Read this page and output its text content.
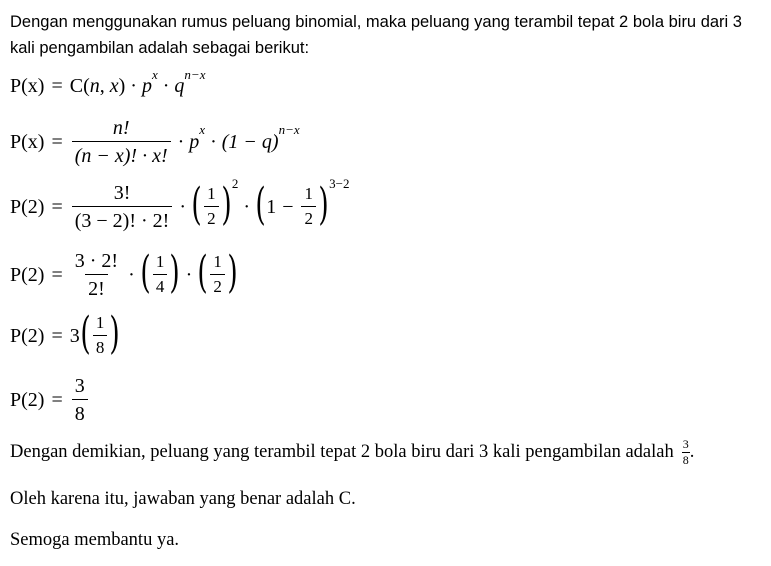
Dengan menggunakan rumus peluang binomial, maka peluang yang terambil tepat 2 bola biru dari 3 kali pengambilan adalah sebagai berikut:
P(x) = C( n , x ) · p
$^x$
· q
$^{n-x}$
$P(x) = \frac{n!}{(n - x)! \cdot x!} \cdot p$
$^x$
· (1 − q)
$^{n-x}$
$P(2) = \frac{3!}{(3 - 2)! \cdot 2!}$ · ( $\frac{1}{2} )^2$
· ( $1 - \frac{1}{2} )^{3-2}$
$P(2) = \frac{3 \cdot 2!}{2!}$ · ( $\frac{1}{4}$ ) · ( $\frac{1}{2}$ )
P(2) = 3 ( $\frac{1}{8}$ )
$P(2) = \frac{3}{8}$
Dengan demikian, peluang yang terambil tepat 2 bola biru dari 3 kali pengambilan adalah $\frac{3}{8}$ .
Oleh karena itu, jawaban yang benar adalah C.
Semoga membantu ya.
